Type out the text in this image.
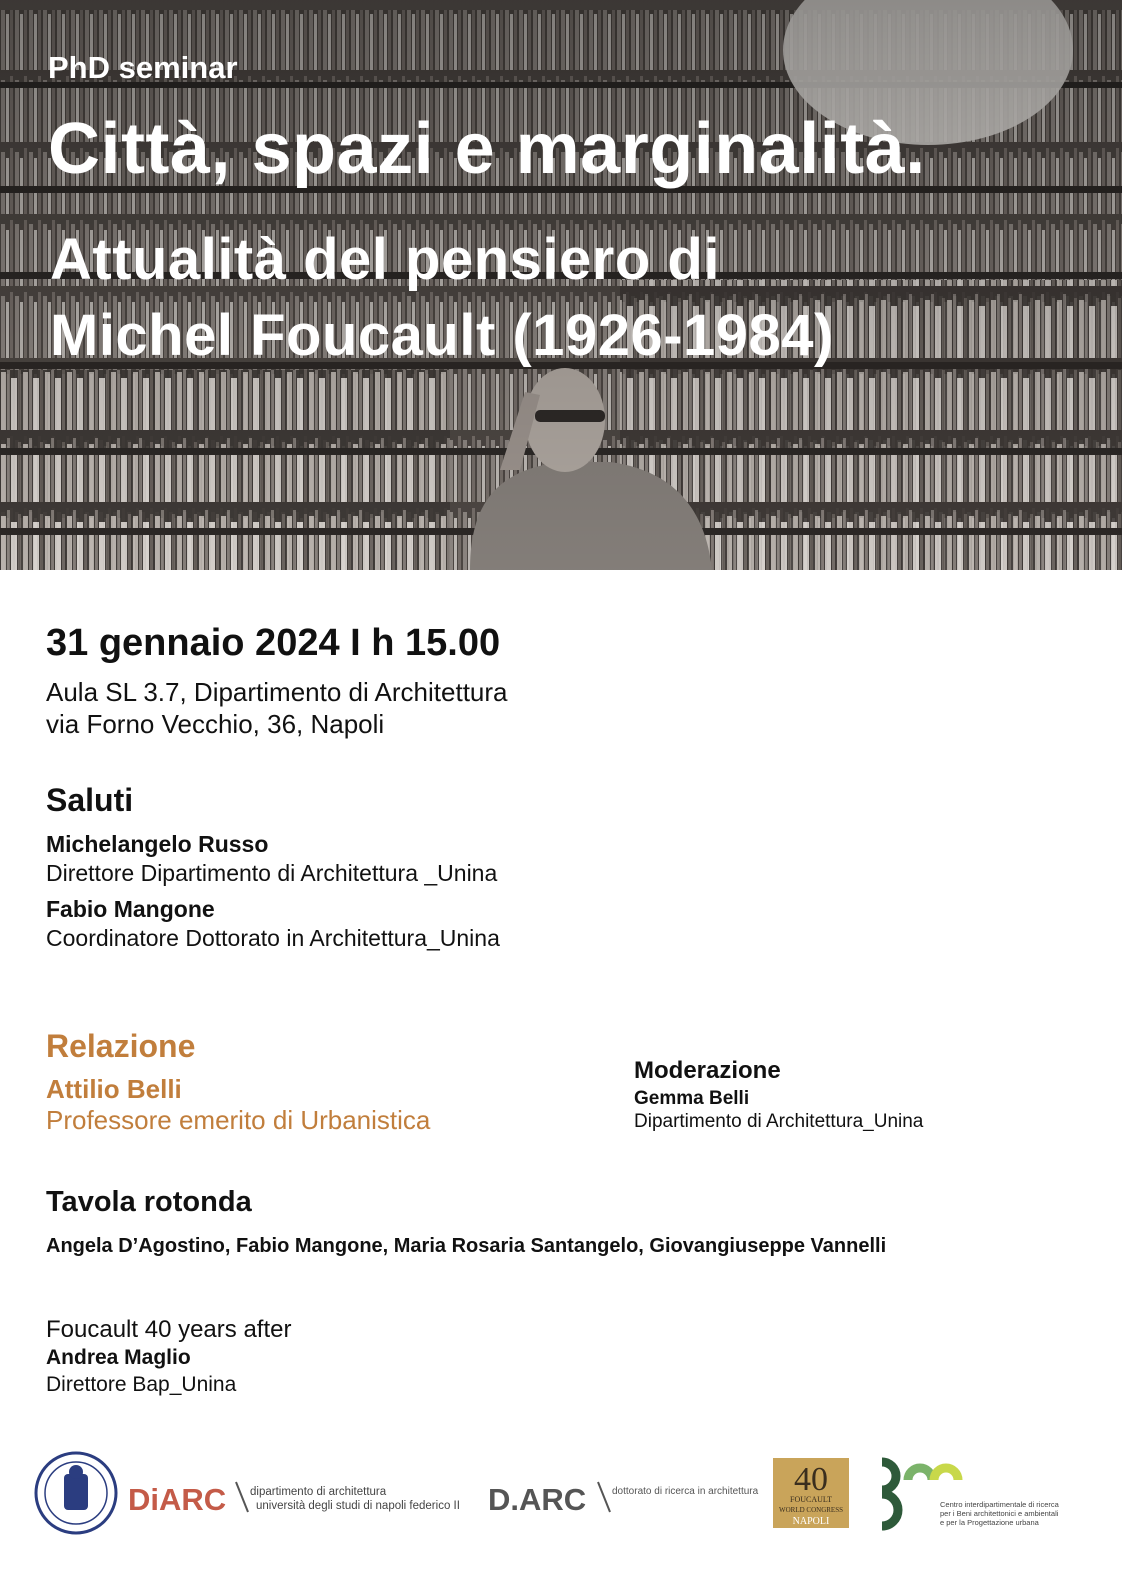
PhD seminar
Città, spazi e marginalità.
Attualità del pensiero di
Michel Foucault (1926-1984)
31 gennaio 2024 I h 15.00
Aula SL 3.7, Dipartimento di Architettura
via Forno Vecchio, 36, Napoli
Saluti
Michelangelo Russo
Direttore Dipartimento di Architettura _Unina
Fabio Mangone
Coordinatore Dottorato in Architettura_Unina
Relazione
Attilio Belli
Professore emerito di Urbanistica
Moderazione
Gemma Belli
Dipartimento di Architettura_Unina
Tavola rotonda
Angela D’Agostino, Fabio Mangone, Maria Rosaria Santangelo, Giovangiuseppe Vannelli
Foucault 40 years after
Andrea Maglio
Direttore Bap_Unina
DiARC dipartimento di architettura
università degli studi di napoli federico II D.ARC	dottorato di ricerca in architettura 40
FOUCAULT
WORLD CONGRESS
NAPOLI
Centro interdipartimentale di ricerca
per i Beni architettonici e ambientali
e per la Progettazione urbana
